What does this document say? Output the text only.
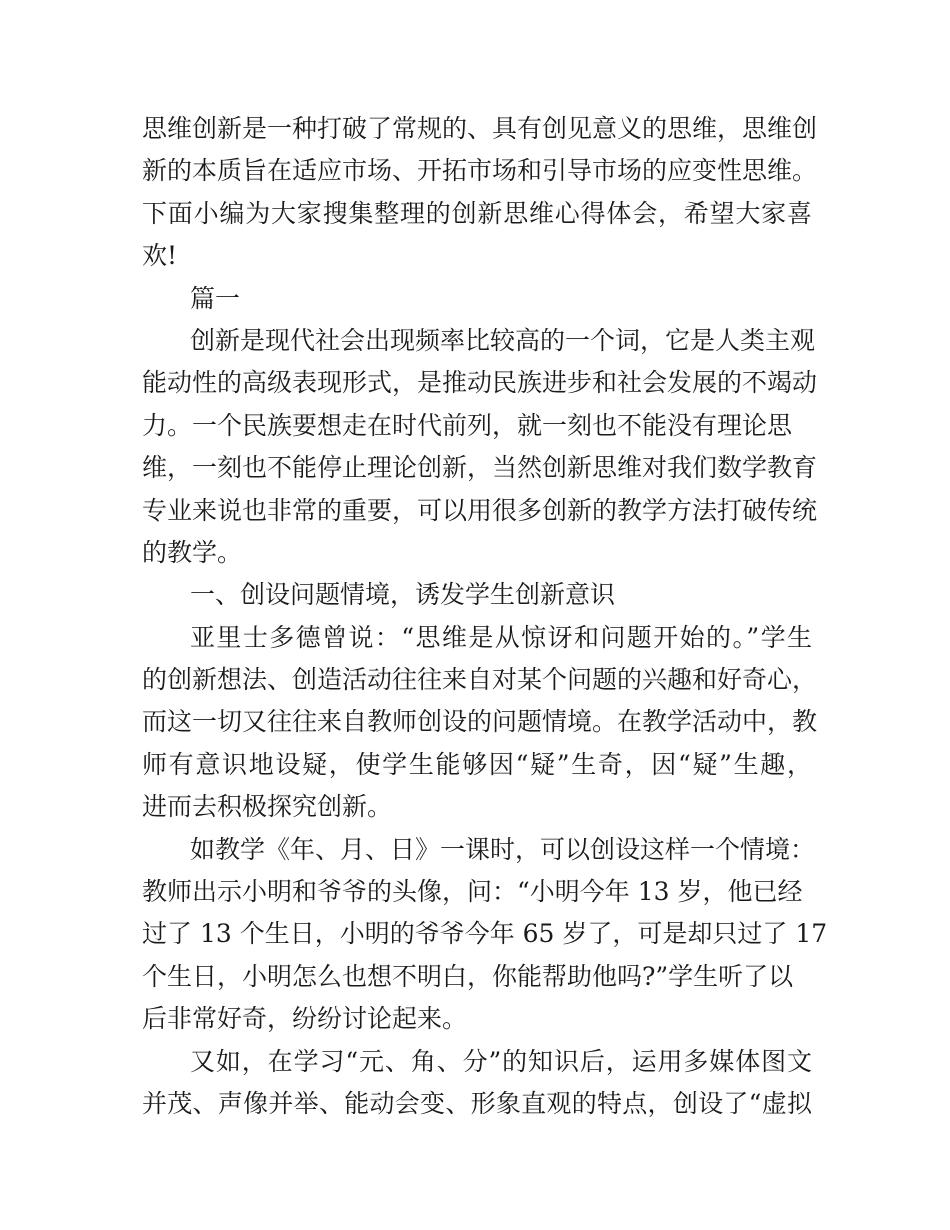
思维创新是一种打破了常规的、具有创见意义的思维，思维创
新的本质旨在适应市场、开拓市场和引导市场的应变性思维。
下面小编为大家搜集整理的创新思维心得体会，希望大家喜
欢!
篇一
创新是现代社会出现频率比较高的一个词，它是人类主观
能动性的高级表现形式，是推动民族进步和社会发展的不竭动
力。一个民族要想走在时代前列，就一刻也不能没有理论思
维，一刻也不能停止理论创新，当然创新思维对我们数学教育
专业来说也非常的重要，可以用很多创新的教学方法打破传统
的教学。
一、创设问题情境，诱发学生创新意识
亚里士多德曾说：“思维是从惊讶和问题开始的。”学生
的创新想法、创造活动往往来自对某个问题的兴趣和好奇心，
而这一切又往往来自教师创设的问题情境。在教学活动中，教
师有意识地设疑，使学生能够因“疑”生奇，因“疑”生趣，
进而去积极探究创新。
如教学《年、月、日》一课时，可以创设这样一个情境：
教师出示小明和爷爷的头像，问：“小明今年 13 岁，他已经
过了 13 个生日，小明的爷爷今年 65 岁了，可是却只过了 17
个生日，小明怎么也想不明白，你能帮助他吗?”学生听了以
后非常好奇，纷纷讨论起来。
又如，在学习“元、角、分”的知识后，运用多媒体图文
并茂、声像并举、能动会变、形象直观的特点，创设了“虚拟
